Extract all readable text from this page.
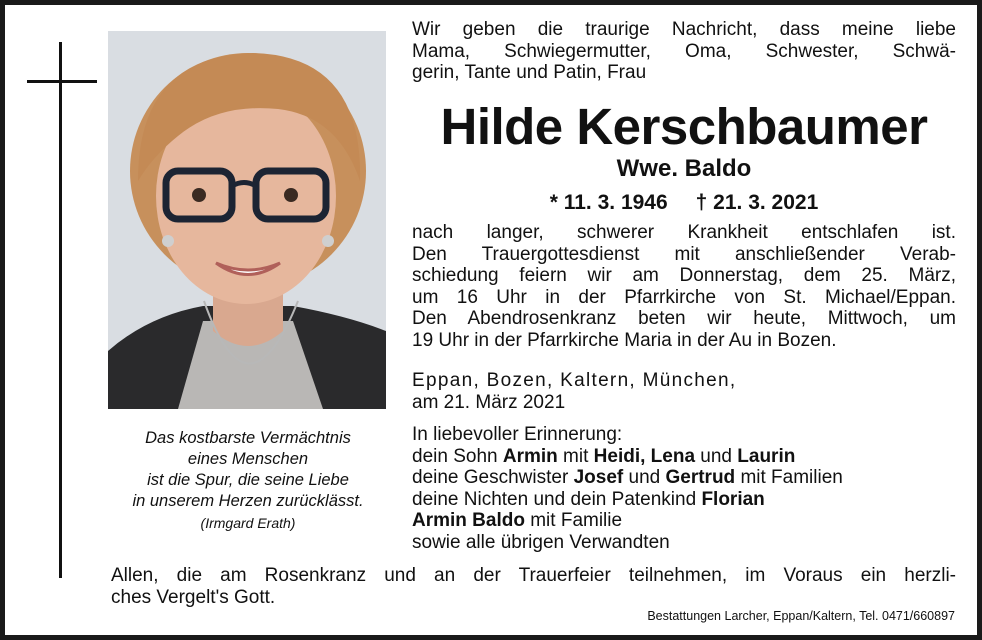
Das kostbarste Vermächtnis
eines Menschen
ist die Spur, die seine Liebe
in unserem Herzen zurücklässt.
(Irmgard Erath)
Wir geben die traurige Nachricht, dass meine liebe
Mama, Schwiegermutter, Oma, Schwester, Schwä-
gerin, Tante und Patin, Frau
Hilde Kerschbaumer
Wwe. Baldo
* 11. 3. 1946 † 21. 3. 2021
nach langer, schwerer Krankheit entschlafen ist.
Den Trauergottesdienst mit anschließender Verab-
schiedung feiern wir am Donnerstag, dem 25. März,
um 16 Uhr in der Pfarrkirche von St. Michael/Eppan.
Den Abendrosenkranz beten wir heute, Mittwoch, um
19 Uhr in der Pfarrkirche Maria in der Au in Bozen.
Eppan, Bozen, Kaltern, München,
am 21. März 2021
In liebevoller Erinnerung:
dein Sohn Armin mit Heidi, Lena und Laurin
deine Geschwister Josef und Gertrud mit Familien
deine Nichten und dein Patenkind Florian
Armin Baldo mit Familie
sowie alle übrigen Verwandten
Allen, die am Rosenkranz und an der Trauerfeier teilnehmen, im Voraus ein herzli-
ches Vergelt's Gott.
Bestattungen Larcher, Eppan/Kaltern, Tel. 0471/660897
